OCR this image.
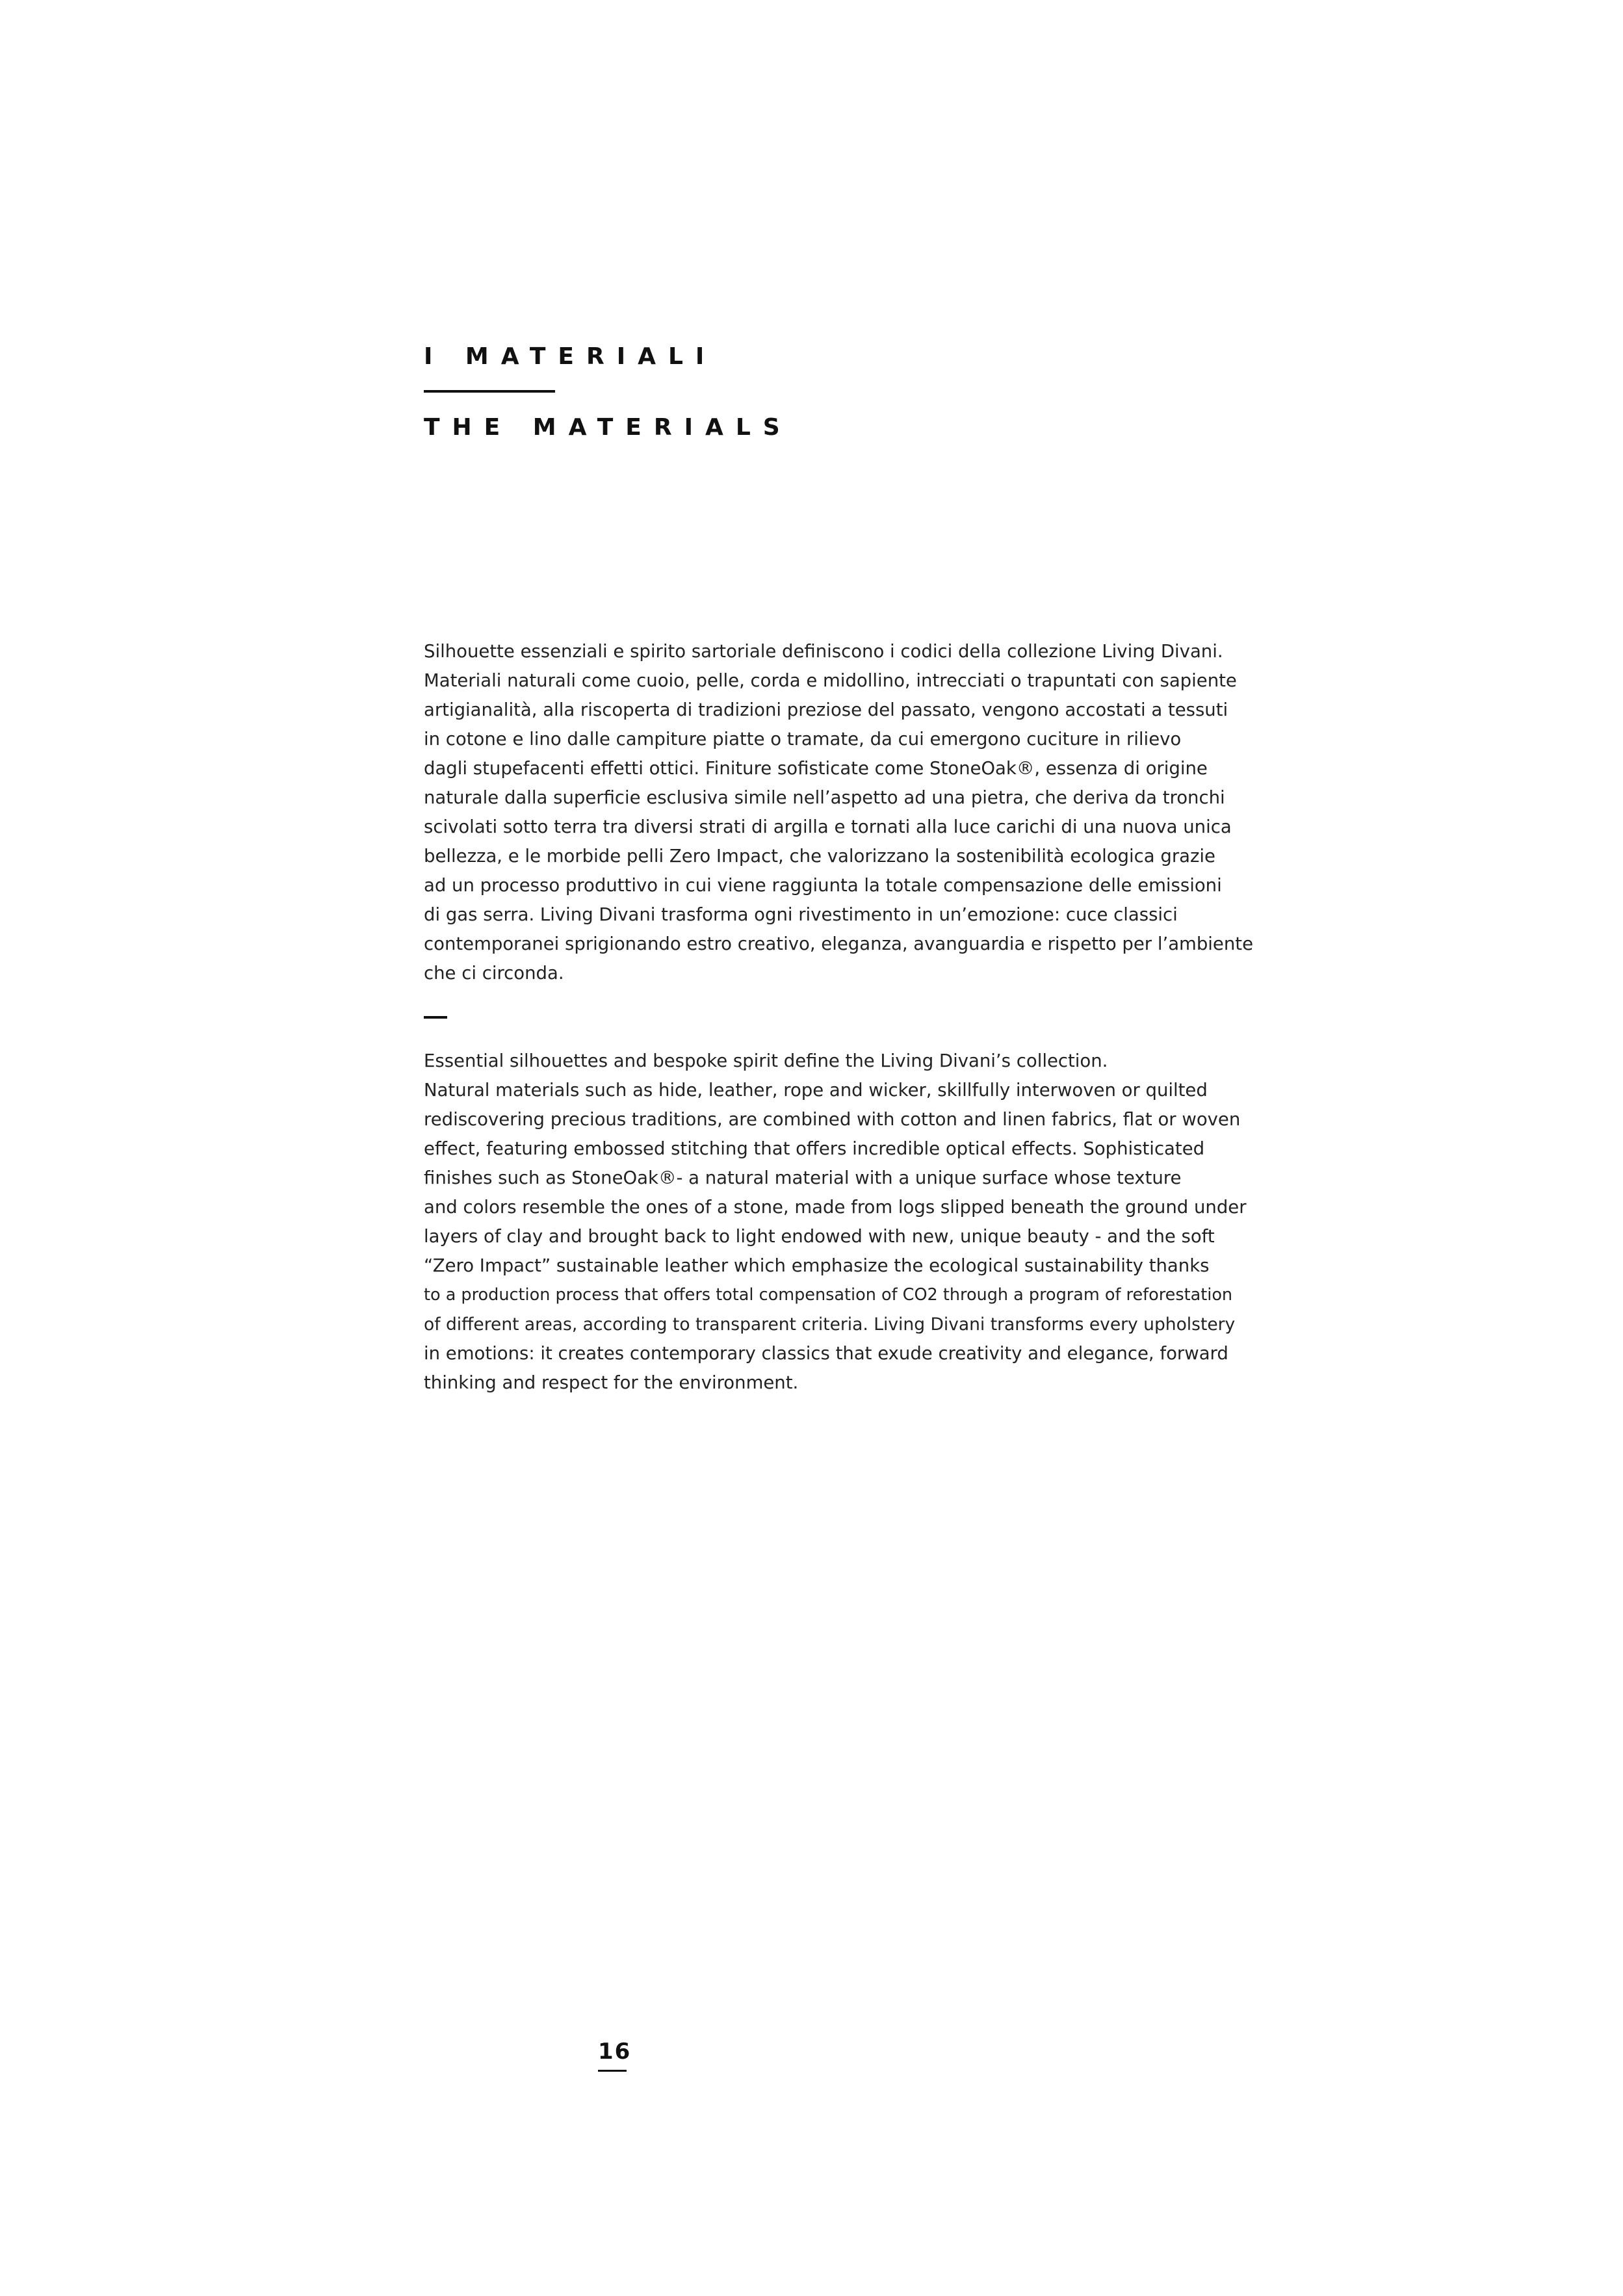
I MATERIALI
THE MATERIALS
Silhouette essenziali e spirito sartoriale definiscono i codici della collezione Living Divani.
Materiali naturali come cuoio, pelle, corda e midollino, intrecciati o trapuntati con sapiente
artigianalità, alla riscoperta di tradizioni preziose del passato, vengono accostati a tessuti
in cotone e lino dalle campiture piatte o tramate, da cui emergono cuciture in rilievo
dagli stupefacenti effetti ottici. Finiture sofisticate come StoneOak®, essenza di origine
naturale dalla superficie esclusiva simile nell’aspetto ad una pietra, che deriva da tronchi
scivolati sotto terra tra diversi strati di argilla e tornati alla luce carichi di una nuova unica
bellezza, e le morbide pelli Zero Impact, che valorizzano la sostenibilità ecologica grazie
ad un processo produttivo in cui viene raggiunta la totale compensazione delle emissioni
di gas serra. Living Divani trasforma ogni rivestimento in un’emozione: cuce classici
contemporanei sprigionando estro creativo, eleganza, avanguardia e rispetto per l’ambiente
che ci circonda.
Essential silhouettes and bespoke spirit define the Living Divani’s collection.
Natural materials such as hide, leather, rope and wicker, skillfully interwoven or quilted
rediscovering precious traditions, are combined with cotton and linen fabrics, flat or woven
effect, featuring embossed stitching that offers incredible optical effects. Sophisticated
finishes such as StoneOak®- a natural material with a unique surface whose texture
and colors resemble the ones of a stone, made from logs slipped beneath the ground under
layers of clay and brought back to light endowed with new, unique beauty - and the soft
“Zero Impact” sustainable leather which emphasize the ecological sustainability thanks
to a production process that offers total compensation of CO2 through a program of reforestation
of different areas, according to transparent criteria. Living Divani transforms every upholstery
in emotions: it creates contemporary classics that exude creativity and elegance, forward
thinking and respect for the environment.
16
